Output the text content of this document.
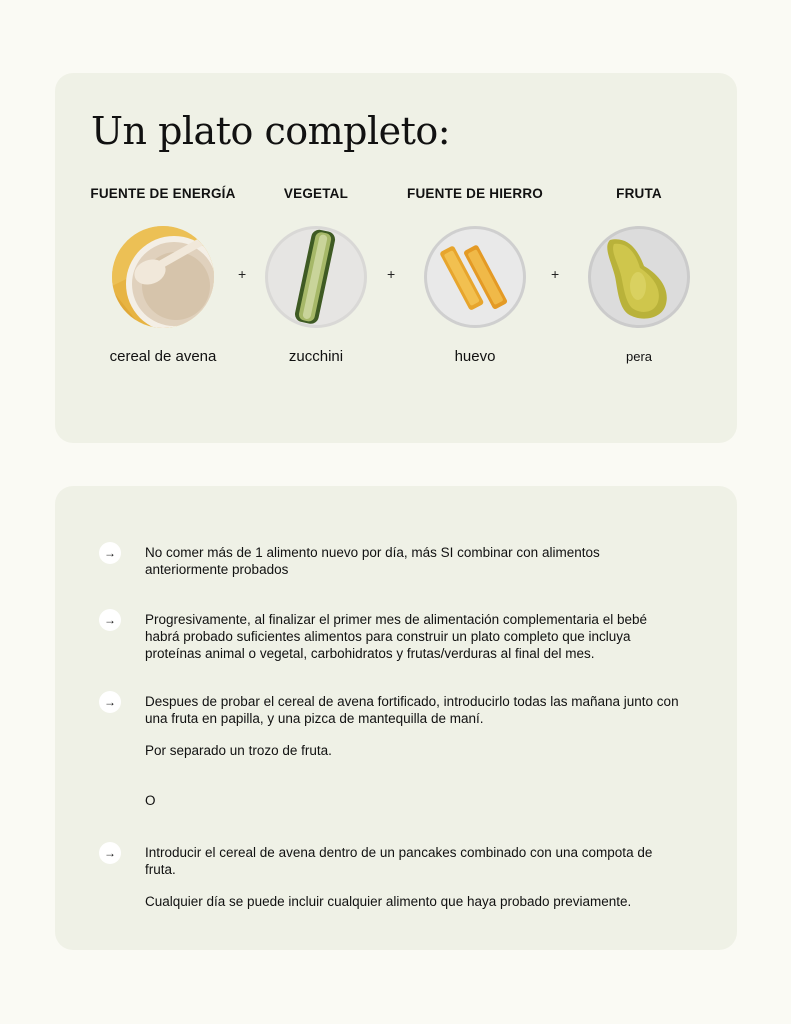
Un plato completo:
FUENTE DE ENERGÍA
cereal de avena
+
VEGETAL
zucchini
+
FUENTE DE HIERRO
huevo
+
FRUTA
pera
→	No comer más de 1 alimento nuevo por día, más SI combinar con alimentos anteriormente probados

→	Progresivamente, al finalizar el primer mes de alimentación complementaria el bebé habrá probado suficientes alimentos para construir un plato completo que incluya proteínas animal o vegetal, carbohidratos y frutas/verduras al final del mes.

→	Despues de probar el cereal de avena fortificado, introducirlo todas las mañana junto con una fruta en papilla, y una pizca de mantequilla de maní.

Por separado un trozo de fruta.

O
→	Introducir el cereal de avena dentro de un pancakes combinado con una compota de fruta.

Cualquier día se puede incluir cualquier alimento que haya probado previamente.
